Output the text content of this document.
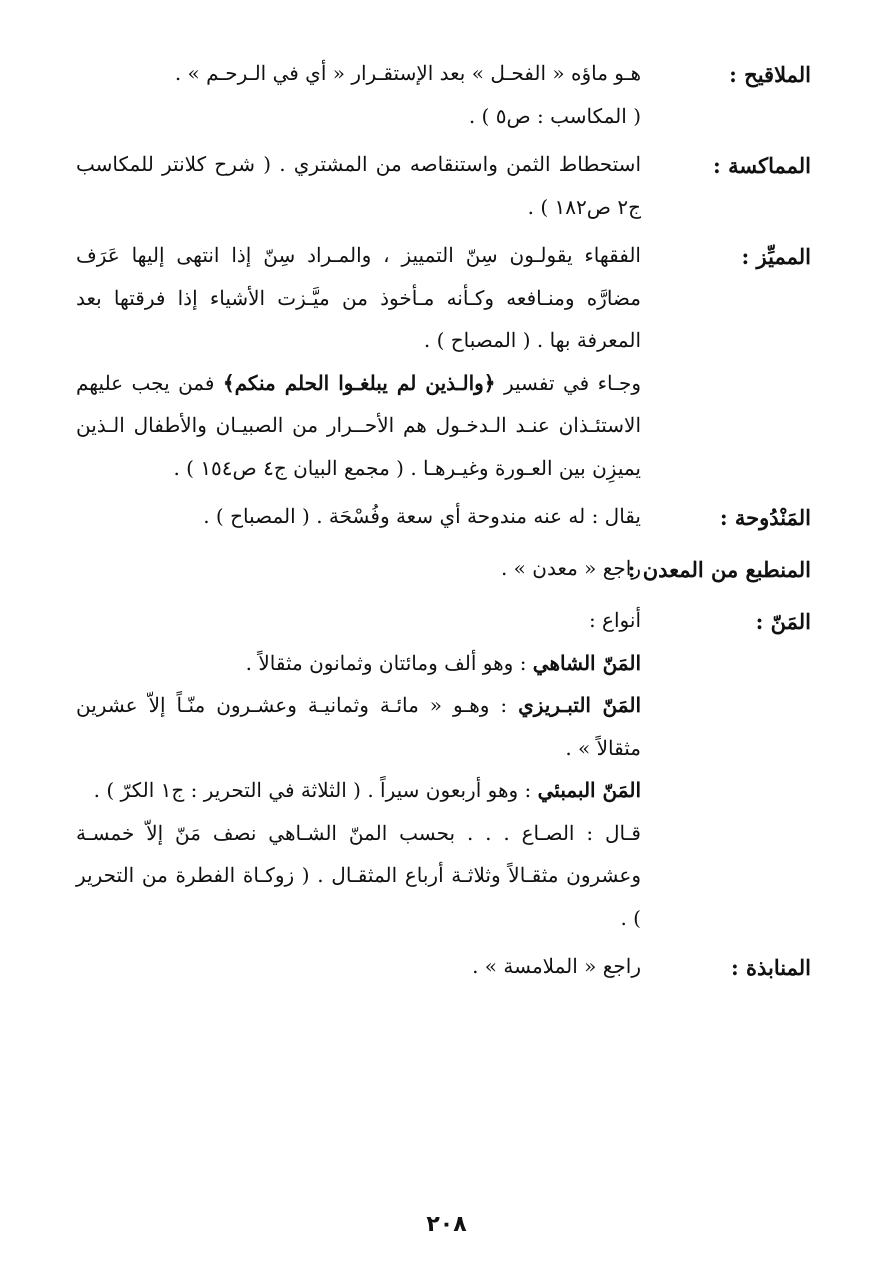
الملاقيح :

هـو ماؤه « الفحـل » بعد الإستقـرار « أي في الـرحـم » .

( المكاسب : ص٥ ) .

المماكسة :

استحطاط الثمن واستنقاصه من المشتري . ( شرح كلانتر للمكاسب ج٢ ص١٨٢ ) .

المميِّز :

الفقهاء يقولـون سِنّ التمييز ، والمـراد سِنّ إذا انتهى إليها عَرَف مضارَّه ومنـافعه وكـأنه مـأخوذ من ميَّـزت الأشياء إذا فرقتها بعد المعرفة بها . ( المصباح ) .

وجـاء في تفسير ﴿والـذين لم يبلغـوا الحلم منكم﴾ فمن يجب عليهم الاستئـذان عنـد الـدخـول هم الأحــرار من الصبيـان والأطفال الـذين يميزِن بين العـورة وغيـرهـا . ( مجمع البيان ج٤ ص١٥٤ ) .

المَنْدُوحة :

يقال : له عنه مندوحة أي سعة وفُسْحَة . ( المصباح ) .

المنطبع من المعدن :

راجع « معدن » .

المَنّ :

أنواع :

المَنّ الشاهي : وهو ألف ومائتان وثمانون مثقالاً .

المَنّ التبـريزي : وهـو « مائـة وثمانيـة وعشـرون منّـاً إلاّ عشرين مثقالاً » .

المَنّ البمبئي : وهو أربعون سيراً . ( الثلاثة في التحرير : ج١ الكرّ ) .

قـال : الصـاع . . . بحسب المنّ الشـاهي نصف مَنّ إلاّ خمسـة وعشرون مثقـالاً وثلاثـة أرباع المثقـال . ( زوكـاة الفطرة من التحرير ) .

المنابذة :

راجع « الملامسة » .

٢٠٨
